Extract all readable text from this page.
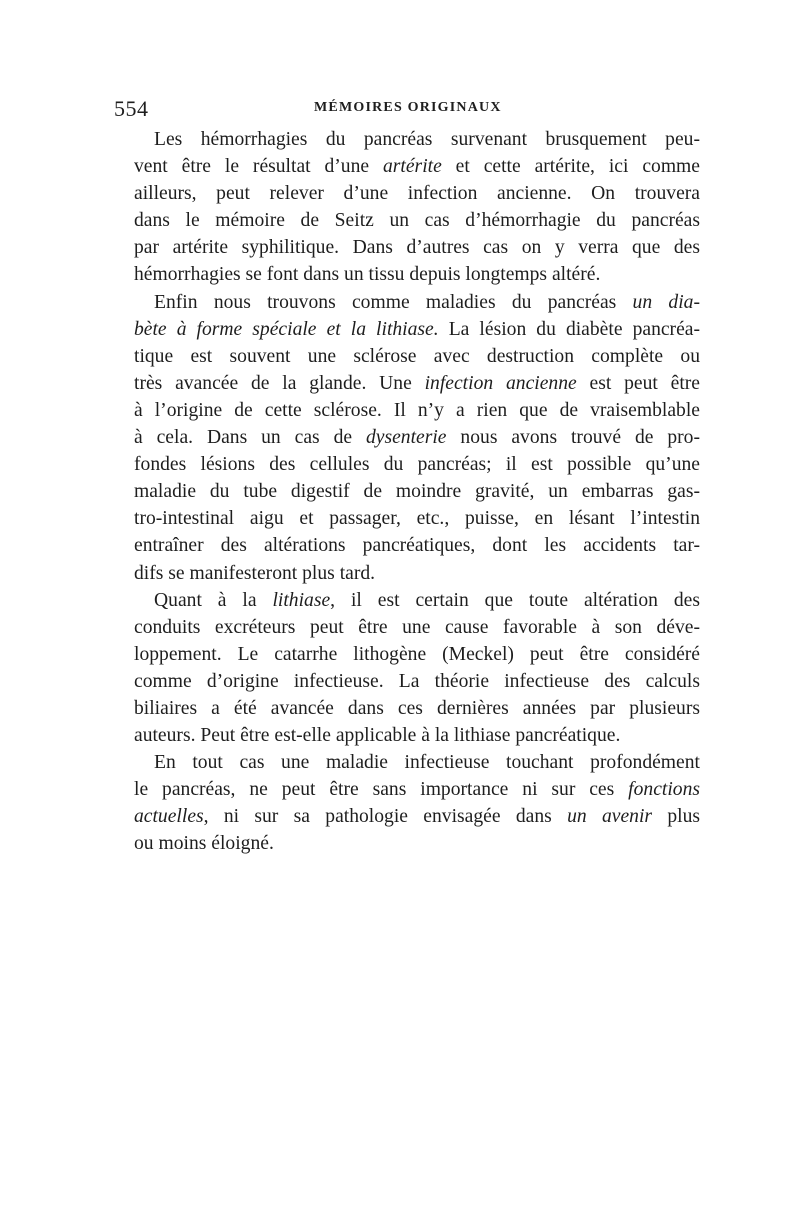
554	MÉMOIRES ORIGINAUX
Les hémorrhagies du pancréas survenant brusquement peu-
vent être le résultat d’une artérite et cette artérite, ici comme
ailleurs, peut relever d’une infection ancienne. On trouvera
dans le mémoire de Seitz un cas d’hémorrhagie du pancréas
par artérite syphilitique. Dans d’autres cas on y verra que des
hémorrhagies se font dans un tissu depuis longtemps altéré.
Enfin nous trouvons comme maladies du pancréas un dia-
bète à forme spéciale et la lithiase. La lésion du diabète pancréa-
tique est souvent une sclérose avec destruction complète ou
très avancée de la glande. Une infection ancienne est peut être
à l’origine de cette sclérose. Il n’y a rien que de vraisemblable
à cela. Dans un cas de dysenterie nous avons trouvé de pro-
fondes lésions des cellules du pancréas; il est possible qu’une
maladie du tube digestif de moindre gravité, un embarras gas-
tro-intestinal aigu et passager, etc., puisse, en lésant l’intestin
entraîner des altérations pancréatiques, dont les accidents tar-
difs se manifesteront plus tard.
Quant à la lithiase, il est certain que toute altération des
conduits excréteurs peut être une cause favorable à son déve-
loppement. Le catarrhe lithogène (Meckel) peut être considéré
comme d’origine infectieuse. La théorie infectieuse des calculs
biliaires a été avancée dans ces dernières années par plusieurs
auteurs. Peut être est-elle applicable à la lithiase pancréatique.
En tout cas une maladie infectieuse touchant profondément
le pancréas, ne peut être sans importance ni sur ces fonctions
actuelles, ni sur sa pathologie envisagée dans un avenir plus
ou moins éloigné.
